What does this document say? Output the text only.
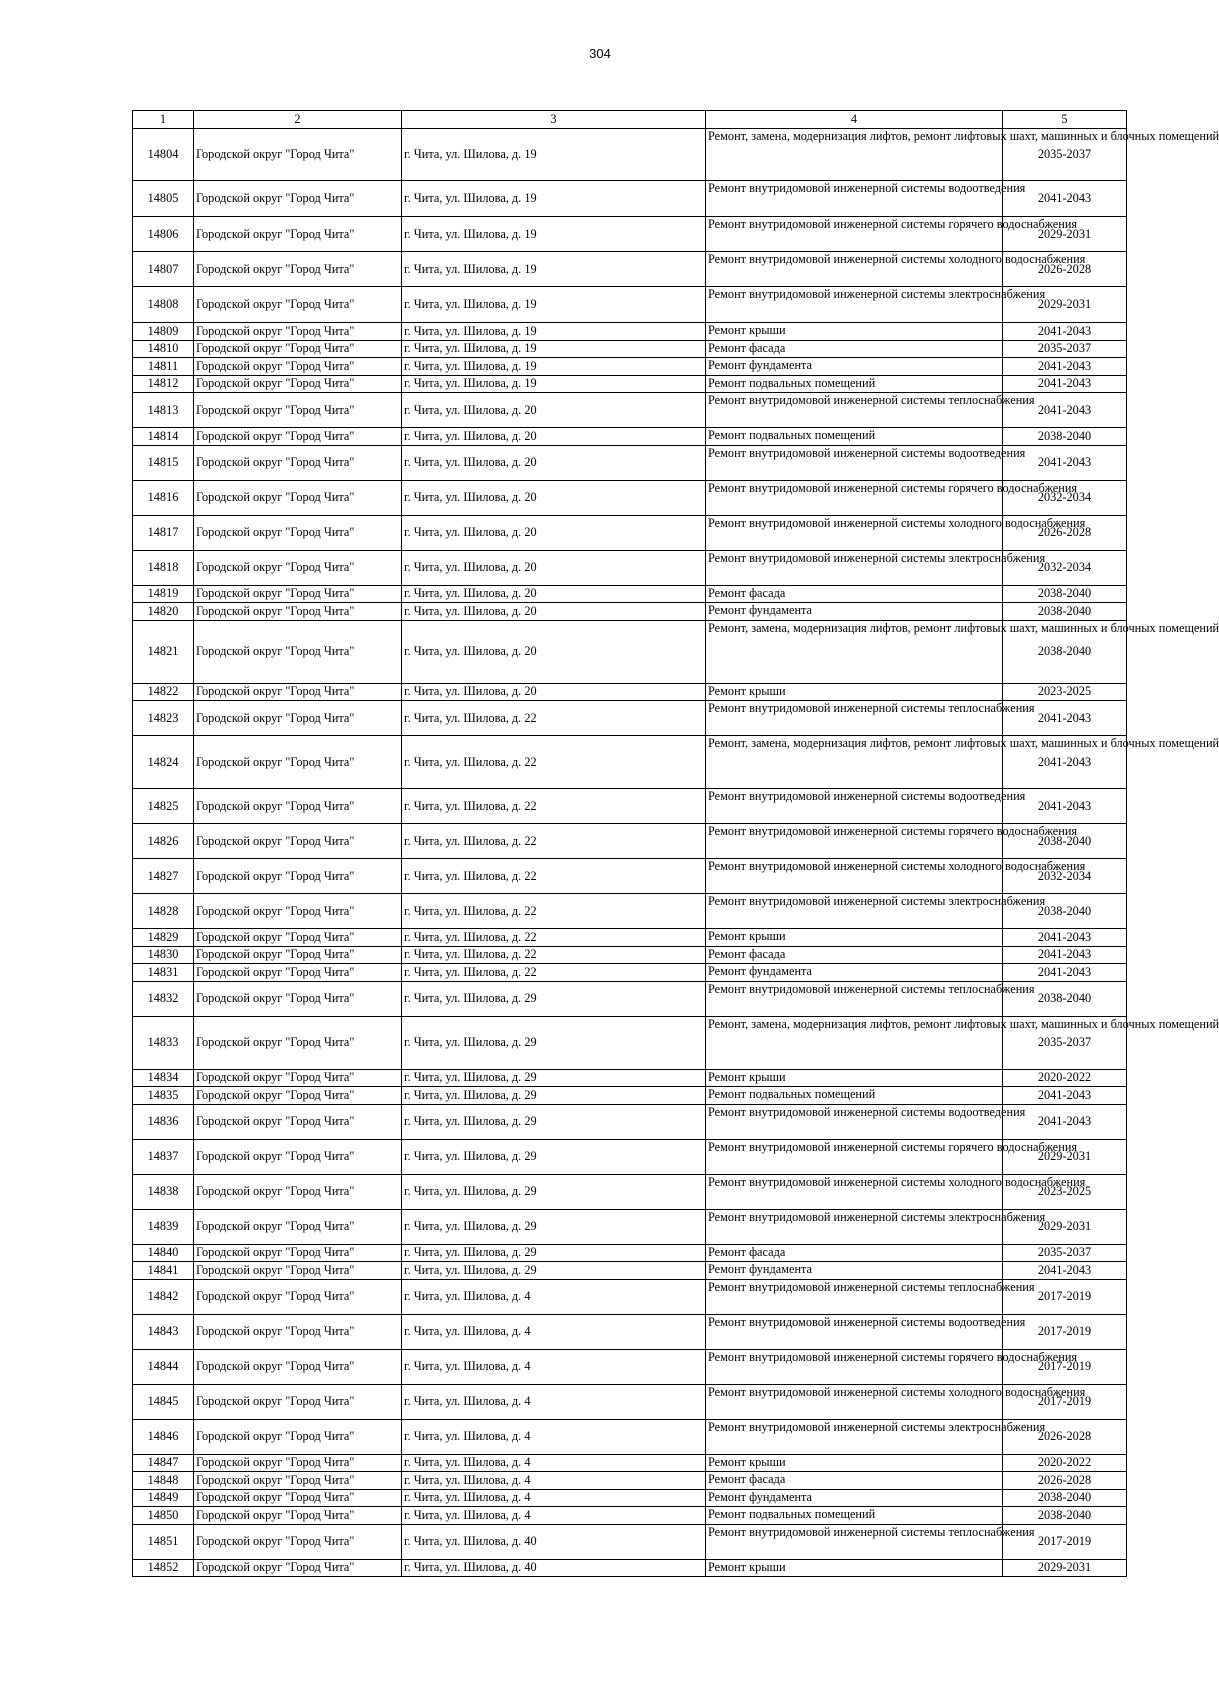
304
1	2	3	4	5
14804	Городской округ "Город Чита"	г. Чита, ул. Шилова, д. 19	Ремонт, замена, модернизация лифтов, ремонт лифтовых шахт, машинных и блочных помещений	2035-2037
14805	Городской округ "Город Чита"	г. Чита, ул. Шилова, д. 19	Ремонт внутридомовой инженерной системы водоотведения	2041-2043
14806	Городской округ "Город Чита"	г. Чита, ул. Шилова, д. 19	Ремонт внутридомовой инженерной системы горячего водоснабжения	2029-2031
14807	Городской округ "Город Чита"	г. Чита, ул. Шилова, д. 19	Ремонт внутридомовой инженерной системы холодного водоснабжения	2026-2028
14808	Городской округ "Город Чита"	г. Чита, ул. Шилова, д. 19	Ремонт внутридомовой инженерной системы электроснабжения	2029-2031
14809	Городской округ "Город Чита"	г. Чита, ул. Шилова, д. 19	Ремонт крыши	2041-2043
14810	Городской округ "Город Чита"	г. Чита, ул. Шилова, д. 19	Ремонт фасада	2035-2037
14811	Городской округ "Город Чита"	г. Чита, ул. Шилова, д. 19	Ремонт фундамента	2041-2043
14812	Городской округ "Город Чита"	г. Чита, ул. Шилова, д. 19	Ремонт подвальных помещений	2041-2043
14813	Городской округ "Город Чита"	г. Чита, ул. Шилова, д. 20	Ремонт внутридомовой инженерной системы теплоснабжения	2041-2043
14814	Городской округ "Город Чита"	г. Чита, ул. Шилова, д. 20	Ремонт подвальных помещений	2038-2040
14815	Городской округ "Город Чита"	г. Чита, ул. Шилова, д. 20	Ремонт внутридомовой инженерной системы водоотведения	2041-2043
14816	Городской округ "Город Чита"	г. Чита, ул. Шилова, д. 20	Ремонт внутридомовой инженерной системы горячего водоснабжения	2032-2034
14817	Городской округ "Город Чита"	г. Чита, ул. Шилова, д. 20	Ремонт внутридомовой инженерной системы холодного водоснабжения	2026-2028
14818	Городской округ "Город Чита"	г. Чита, ул. Шилова, д. 20	Ремонт внутридомовой инженерной системы электроснабжения	2032-2034
14819	Городской округ "Город Чита"	г. Чита, ул. Шилова, д. 20	Ремонт фасада	2038-2040
14820	Городской округ "Город Чита"	г. Чита, ул. Шилова, д. 20	Ремонт фундамента	2038-2040
14821	Городской округ "Город Чита"	г. Чита, ул. Шилова, д. 20	Ремонт, замена, модернизация лифтов, ремонт лифтовых шахт, машинных и блочных помещений	2038-2040
14822	Городской округ "Город Чита"	г. Чита, ул. Шилова, д. 20	Ремонт крыши	2023-2025
14823	Городской округ "Город Чита"	г. Чита, ул. Шилова, д. 22	Ремонт внутридомовой инженерной системы теплоснабжения	2041-2043
14824	Городской округ "Город Чита"	г. Чита, ул. Шилова, д. 22	Ремонт, замена, модернизация лифтов, ремонт лифтовых шахт, машинных и блочных помещений	2041-2043
14825	Городской округ "Город Чита"	г. Чита, ул. Шилова, д. 22	Ремонт внутридомовой инженерной системы водоотведения	2041-2043
14826	Городской округ "Город Чита"	г. Чита, ул. Шилова, д. 22	Ремонт внутридомовой инженерной системы горячего водоснабжения	2038-2040
14827	Городской округ "Город Чита"	г. Чита, ул. Шилова, д. 22	Ремонт внутридомовой инженерной системы холодного водоснабжения	2032-2034
14828	Городской округ "Город Чита"	г. Чита, ул. Шилова, д. 22	Ремонт внутридомовой инженерной системы электроснабжения	2038-2040
14829	Городской округ "Город Чита"	г. Чита, ул. Шилова, д. 22	Ремонт крыши	2041-2043
14830	Городской округ "Город Чита"	г. Чита, ул. Шилова, д. 22	Ремонт фасада	2041-2043
14831	Городской округ "Город Чита"	г. Чита, ул. Шилова, д. 22	Ремонт фундамента	2041-2043
14832	Городской округ "Город Чита"	г. Чита, ул. Шилова, д. 29	Ремонт внутридомовой инженерной системы теплоснабжения	2038-2040
14833	Городской округ "Город Чита"	г. Чита, ул. Шилова, д. 29	Ремонт, замена, модернизация лифтов, ремонт лифтовых шахт, машинных и блочных помещений	2035-2037
14834	Городской округ "Город Чита"	г. Чита, ул. Шилова, д. 29	Ремонт крыши	2020-2022
14835	Городской округ "Город Чита"	г. Чита, ул. Шилова, д. 29	Ремонт подвальных помещений	2041-2043
14836	Городской округ "Город Чита"	г. Чита, ул. Шилова, д. 29	Ремонт внутридомовой инженерной системы водоотведения	2041-2043
14837	Городской округ "Город Чита"	г. Чита, ул. Шилова, д. 29	Ремонт внутридомовой инженерной системы горячего водоснабжения	2029-2031
14838	Городской округ "Город Чита"	г. Чита, ул. Шилова, д. 29	Ремонт внутридомовой инженерной системы холодного водоснабжения	2023-2025
14839	Городской округ "Город Чита"	г. Чита, ул. Шилова, д. 29	Ремонт внутридомовой инженерной системы электроснабжения	2029-2031
14840	Городской округ "Город Чита"	г. Чита, ул. Шилова, д. 29	Ремонт фасада	2035-2037
14841	Городской округ "Город Чита"	г. Чита, ул. Шилова, д. 29	Ремонт фундамента	2041-2043
14842	Городской округ "Город Чита"	г. Чита, ул. Шилова, д. 4	Ремонт внутридомовой инженерной системы теплоснабжения	2017-2019
14843	Городской округ "Город Чита"	г. Чита, ул. Шилова, д. 4	Ремонт внутридомовой инженерной системы водоотведения	2017-2019
14844	Городской округ "Город Чита"	г. Чита, ул. Шилова, д. 4	Ремонт внутридомовой инженерной системы горячего водоснабжения	2017-2019
14845	Городской округ "Город Чита"	г. Чита, ул. Шилова, д. 4	Ремонт внутридомовой инженерной системы холодного водоснабжения	2017-2019
14846	Городской округ "Город Чита"	г. Чита, ул. Шилова, д. 4	Ремонт внутридомовой инженерной системы электроснабжения	2026-2028
14847	Городской округ "Город Чита"	г. Чита, ул. Шилова, д. 4	Ремонт крыши	2020-2022
14848	Городской округ "Город Чита"	г. Чита, ул. Шилова, д. 4	Ремонт фасада	2026-2028
14849	Городской округ "Город Чита"	г. Чита, ул. Шилова, д. 4	Ремонт фундамента	2038-2040
14850	Городской округ "Город Чита"	г. Чита, ул. Шилова, д. 4	Ремонт подвальных помещений	2038-2040
14851	Городской округ "Город Чита"	г. Чита, ул. Шилова, д. 40	Ремонт внутридомовой инженерной системы теплоснабжения	2017-2019
14852	Городской округ "Город Чита"	г. Чита, ул. Шилова, д. 40	Ремонт крыши	2029-2031
